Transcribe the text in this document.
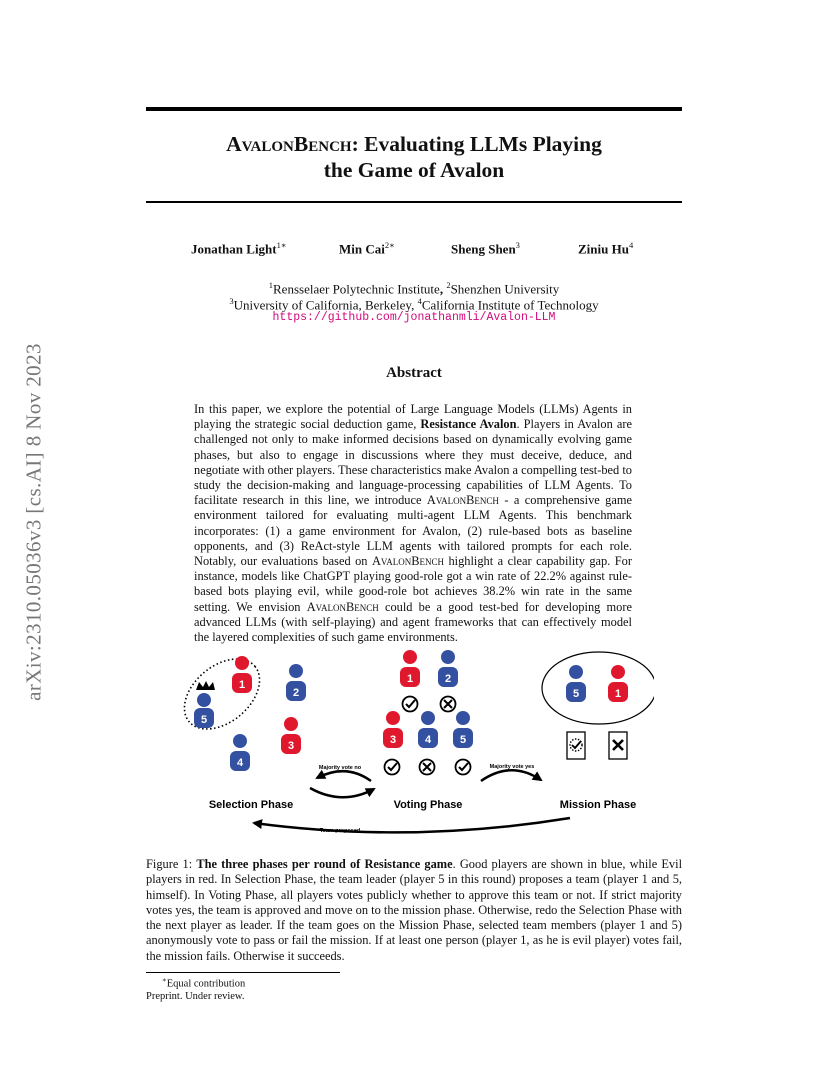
arXiv:2310.05036v3 [cs.AI] 8 Nov 2023
AvalonBench: Evaluating LLMs Playing
the Game of Avalon
Jonathan Light$^{1∗}$	Min Cai$^{2∗}$	Sheng Shen$^3$	Ziniu Hu$^4$
$^1$Rensselaer Polytechnic Institute, $^2$Shenzhen University
$^3$University of California, Berkeley, $^4$California Institute of Technology
https://github.com/jonathanmli/Avalon-LLM
Abstract
In this paper, we explore the potential of Large Language Models (LLMs) Agents in playing the strategic social deduction game, Resistance Avalon. Players in Avalon are challenged not only to make informed decisions based on dynamically evolving game phases, but also to engage in discussions where they must deceive, deduce, and negotiate with other players. These characteristics make Avalon a compelling test-bed to study the decision-making and language-processing capabilities of LLM Agents. To facilitate research in this line, we introduce AvalonBench - a comprehensive game environment tailored for evaluating multi-agent LLM Agents. This benchmark incorporates: (1) a game environment for Avalon, (2) rule-based bots as baseline opponents, and (3) ReAct-style LLM agents with tailored prompts for each role. Notably, our evaluations based on AvalonBench highlight a clear capability gap. For instance, models like ChatGPT playing good-role got a win rate of 22.2% against rule-based bots playing evil, while good-role bot achieves 38.2% win rate in the same setting. We envision AvalonBench could be a good test-bed for developing more advanced LLMs (with self-playing) and agent frameworks that can effectively model the layered complexities of such game environments.
1
2
5
3
4
1	2
3	4	5
5	1
Majority vote no	Majority vote yes
Team proposed
Selection Phase	Voting Phase	Mission Phase
Figure 1: The three phases per round of Resistance game. Good players are shown in blue, while Evil players in red. In Selection Phase, the team leader (player 5 in this round) proposes a team (player 1 and 5, himself). In Voting Phase, all players votes publicly whether to approve this team or not. If strict majority votes yes, the team is approved and move on to the mission phase. Otherwise, redo the Selection Phase with the next player as leader. If the team goes on the Mission Phase, selected team members (player 1 and 5) anonymously vote to pass or fail the mission. If at least one person (player 1, as he is evil player) votes fail, the mission fails. Otherwise it succeeds.
∗Equal contribution
Preprint. Under review.
